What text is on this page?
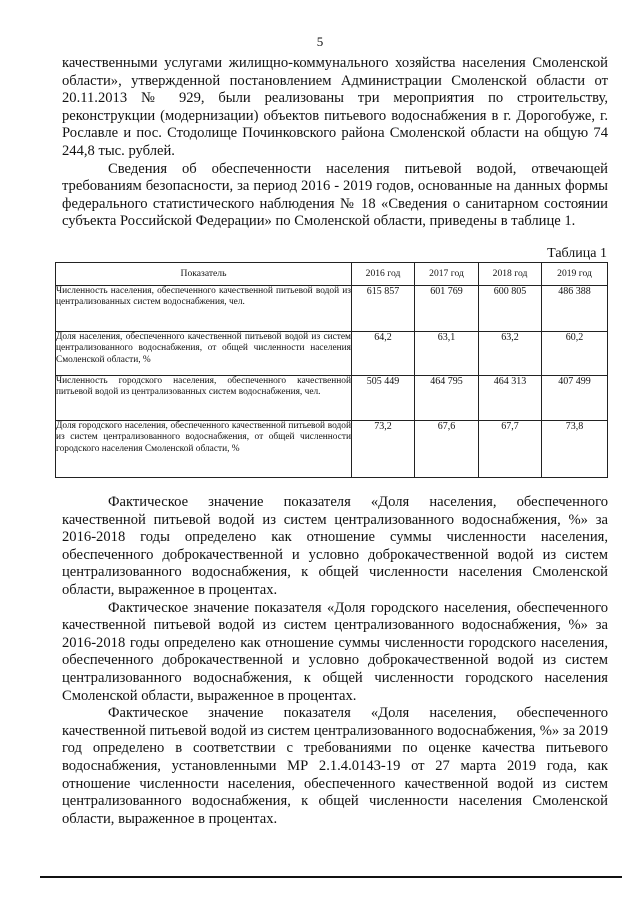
5

качественными услугами жилищно-коммунального хозяйства населения Смоленской области», утвержденной постановлением Администрации Смоленской области от 20.11.2013 № 929, были реализованы три мероприятия по строительству, реконструкции (модернизации) объектов питьевого водоснабжения в г. Дорогобуже, г. Рославле и пос. Стодолище Починковского района Смоленской области на общую 74 244,8 тыс. рублей.

Сведения об обеспеченности населения питьевой водой, отвечающей требованиям безопасности, за период 2016 - 2019 годов, основанные на данных формы федерального статистического наблюдения № 18 «Сведения о санитарном состоянии субъекта Российской Федерации» по Смоленской области, приведены в таблице 1.

Таблица 1
Показатель	2016 год	2017 год	2018 год	2019 год
Численность населения, обеспеченного качественной питьевой водой из централизованных систем водоснабжения, чел.	615 857	601 769	600 805	486 388
Доля населения, обеспеченного качественной питьевой водой из систем централизованного водоснабжения, от общей численности населения Смоленской области, %	64,2	63,1	63,2	60,2
Численность городского населения, обеспеченного качественной питьевой водой из централизованных систем водоснабжения, чел.	505 449	464 795	464 313	407 499
Доля городского населения, обеспеченного качественной питьевой водой из систем централизованного водоснабжения, от общей численности городского населения Смоленской области, %	73,2	67,6	67,7	73,8

Фактическое значение показателя «Доля населения, обеспеченного качественной питьевой водой из систем централизованного водоснабжения, %» за 2016-2018 годы определено как отношение суммы численности населения, обеспеченного доброкачественной и условно доброкачественной водой из систем централизованного водоснабжения, к общей численности населения Смоленской области, выраженное в процентах.

Фактическое значение показателя «Доля городского населения, обеспеченного качественной питьевой водой из систем централизованного водоснабжения, %» за 2016-2018 годы определено как отношение суммы численности городского населения, обеспеченного доброкачественной и условно доброкачественной водой из систем централизованного водоснабжения, к общей численности городского населения Смоленской области, выраженное в процентах.

Фактическое значение показателя «Доля населения, обеспеченного качественной питьевой водой из систем централизованного водоснабжения, %» за 2019 год определено в соответствии с требованиями по оценке качества питьевого водоснабжения, установленными МР 2.1.4.0143-19 от 27 марта 2019 года, как отношение численности населения, обеспеченного качественной водой из систем централизованного водоснабжения, к общей численности населения Смоленской области, выраженное в процентах.
